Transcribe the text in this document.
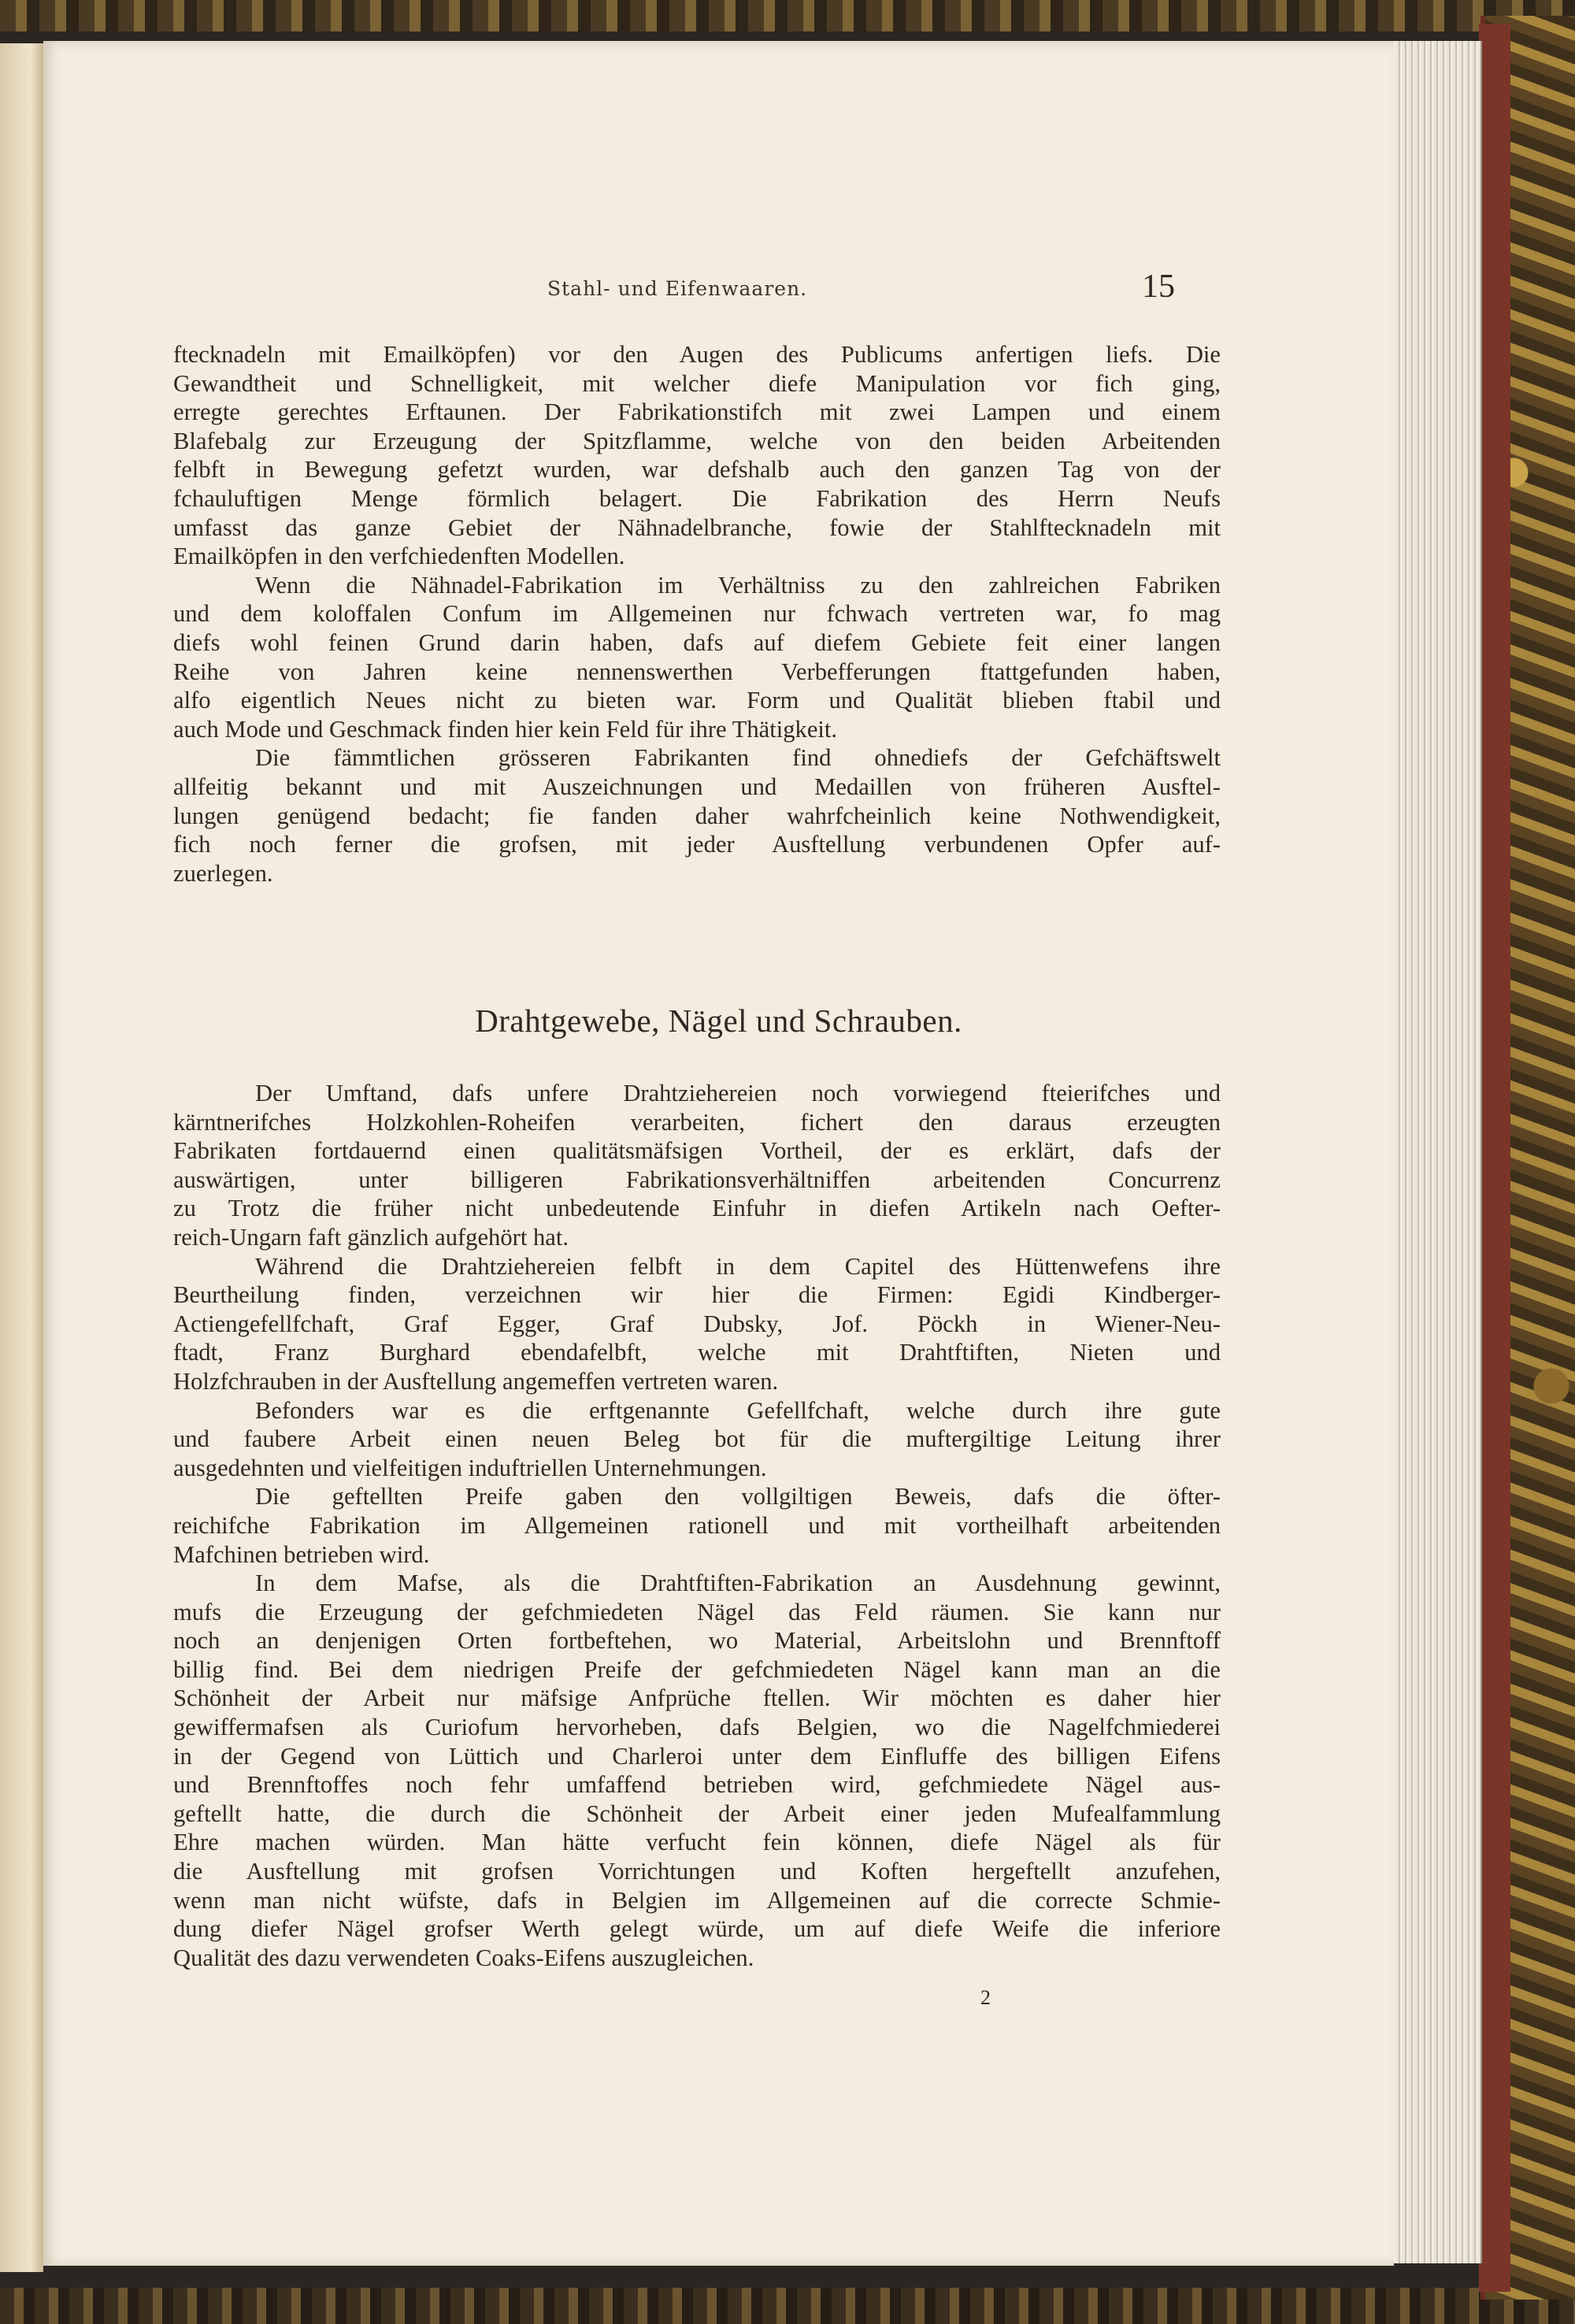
Stahl- und Eifenwaaren.	15
ftecknadeln mit Emailköpfen) vor den Augen des Publicums anfertigen liefs. Die
Gewandtheit und Schnelligkeit, mit welcher diefe Manipulation vor fich ging,
erregte gerechtes Erftaunen. Der Fabrikationstifch mit zwei Lampen und einem
Blafebalg zur Erzeugung der Spitzflamme, welche von den beiden Arbeitenden
felbft in Bewegung gefetzt wurden, war defshalb auch den ganzen Tag von der
fchauluftigen Menge förmlich belagert. Die Fabrikation des Herrn Neufs
umfasst das ganze Gebiet der Nähnadelbranche, fowie der Stahlftecknadeln mit
Emailköpfen in den verfchiedenften Modellen.
Wenn die Nähnadel-Fabrikation im Verhältniss zu den zahlreichen Fabriken
und dem koloffalen Confum im Allgemeinen nur fchwach vertreten war, fo mag
diefs wohl feinen Grund darin haben, dafs auf diefem Gebiete feit einer langen
Reihe von Jahren keine nennenswerthen Verbefferungen ftattgefunden haben,
alfo eigentlich Neues nicht zu bieten war. Form und Qualität blieben ftabil und
auch Mode und Geschmack finden hier kein Feld für ihre Thätigkeit.
Die fämmtlichen grösseren Fabrikanten find ohnediefs der Gefchäftswelt
allfeitig bekannt und mit Auszeichnungen und Medaillen von früheren Ausftel-
lungen genügend bedacht; fie fanden daher wahrfcheinlich keine Nothwendigkeit,
fich noch ferner die grofsen, mit jeder Ausftellung verbundenen Opfer auf-
zuerlegen.
Drahtgewebe, Nägel und Schrauben.
Der Umftand, dafs unfere Drahtziehereien noch vorwiegend fteierifches und
kärntnerifches Holzkohlen-Roheifen verarbeiten, fichert den daraus erzeugten
Fabrikaten fortdauernd einen qualitätsmäfsigen Vortheil, der es erklärt, dafs der
auswärtigen, unter billigeren Fabrikationsverhältniffen arbeitenden Concurrenz
zu Trotz die früher nicht unbedeutende Einfuhr in diefen Artikeln nach Oefter-
reich-Ungarn faft gänzlich aufgehört hat.
Während die Drahtziehereien felbft in dem Capitel des Hüttenwefens ihre
Beurtheilung finden, verzeichnen wir hier die Firmen: Egidi Kindberger-
Actiengefellfchaft, Graf Egger, Graf Dubsky, Jof. Pöckh in Wiener-Neu-
ftadt, Franz Burghard ebendafelbft, welche mit Drahtftiften, Nieten und
Holzfchrauben in der Ausftellung angemeffen vertreten waren.
Befonders war es die erftgenannte Gefellfchaft, welche durch ihre gute
und faubere Arbeit einen neuen Beleg bot für die muftergiltige Leitung ihrer
ausgedehnten und vielfeitigen induftriellen Unternehmungen.
Die geftellten Preife gaben den vollgiltigen Beweis, dafs die öfter-
reichifche Fabrikation im Allgemeinen rationell und mit vortheilhaft arbeitenden
Mafchinen betrieben wird.
In dem Mafse, als die Drahtftiften-Fabrikation an Ausdehnung gewinnt,
mufs die Erzeugung der gefchmiedeten Nägel das Feld räumen. Sie kann nur
noch an denjenigen Orten fortbeftehen, wo Material, Arbeitslohn und Brennftoff
billig find. Bei dem niedrigen Preife der gefchmiedeten Nägel kann man an die
Schönheit der Arbeit nur mäfsige Anfprüche ftellen. Wir möchten es daher hier
gewiffermafsen als Curiofum hervorheben, dafs Belgien, wo die Nagelfchmiederei
in der Gegend von Lüttich und Charleroi unter dem Einfluffe des billigen Eifens
und Brennftoffes noch fehr umfaffend betrieben wird, gefchmiedete Nägel aus-
geftellt hatte, die durch die Schönheit der Arbeit einer jeden Mufealfammlung
Ehre machen würden. Man hätte verfucht fein können, diefe Nägel als für
die Ausftellung mit grofsen Vorrichtungen und Koften hergeftellt anzufehen,
wenn man nicht wüfste, dafs in Belgien im Allgemeinen auf die correcte Schmie-
dung diefer Nägel grofser Werth gelegt würde, um auf diefe Weife die inferiore
Qualität des dazu verwendeten Coaks-Eifens auszugleichen.
2
